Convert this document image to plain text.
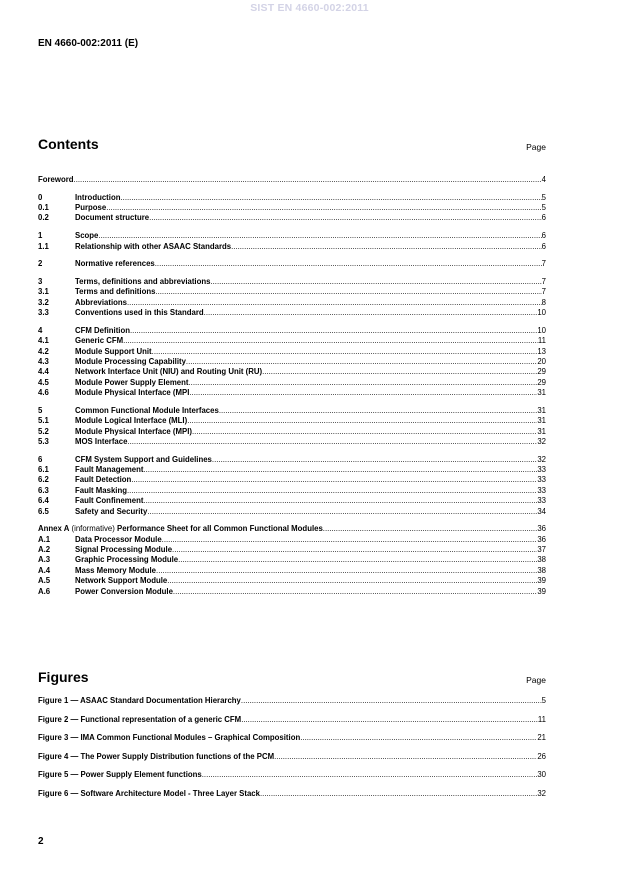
SIST EN 4660-002:2011
EN 4660-002:2011 (E)
Contents	Page
Foreword .....	4
0	Introduction .....	5
0.1	Purpose .....	5
0.2	Document structure .....	6
1	Scope .....	6
1.1	Relationship with other ASAAC Standards .....	6
2	Normative references .....	7
3	Terms, definitions and abbreviations .....	7
3.1	Terms and definitions .....	7
3.2	Abbreviations .....	8
3.3	Conventions used in this Standard .....	10
4	CFM Definition .....	10
4.1	Generic CFM .....	11
4.2	Module Support Unit .....	13
4.3	Module Processing Capability .....	20
4.4	Network Interface Unit (NIU) and Routing Unit (RU) .....	29
4.5	Module Power Supply Element .....	29
4.6	Module Physical Interface (MPI .....	31
5	Common Functional Module Interfaces .....	31
5.1	Module Logical Interface (MLI) .....	31
5.2	Module Physical Interface (MPI) .....	31
5.3	MOS Interface .....	32
6	CFM System Support and Guidelines .....	32
6.1	Fault Management .....	33
6.2	Fault Detection .....	33
6.3	Fault Masking .....	33
6.4	Fault Confinement .....	33
6.5	Safety and Security .....	34
Annex A (informative) Performance Sheet for all Common Functional Modules .....	36
A.1	Data Processor Module .....	36
A.2	Signal Processing Module .....	37
A.3	Graphic Processing Module .....	38
A.4	Mass Memory Module .....	38
A.5	Network Support Module .....	39
A.6	Power Conversion Module .....	39
Figures	Page
Figure 1 — ASAAC Standard Documentation Hierarchy .....	5
Figure 2 — Functional representation of a generic CFM .....	11
Figure 3 — IMA Common Functional Modules – Graphical Composition .....	21
Figure 4 — The Power Supply Distribution functions of the PCM .....	26
Figure 5 — Power Supply Element functions .....	30
Figure 6 — Software Architecture Model - Three Layer Stack .....	32
2
